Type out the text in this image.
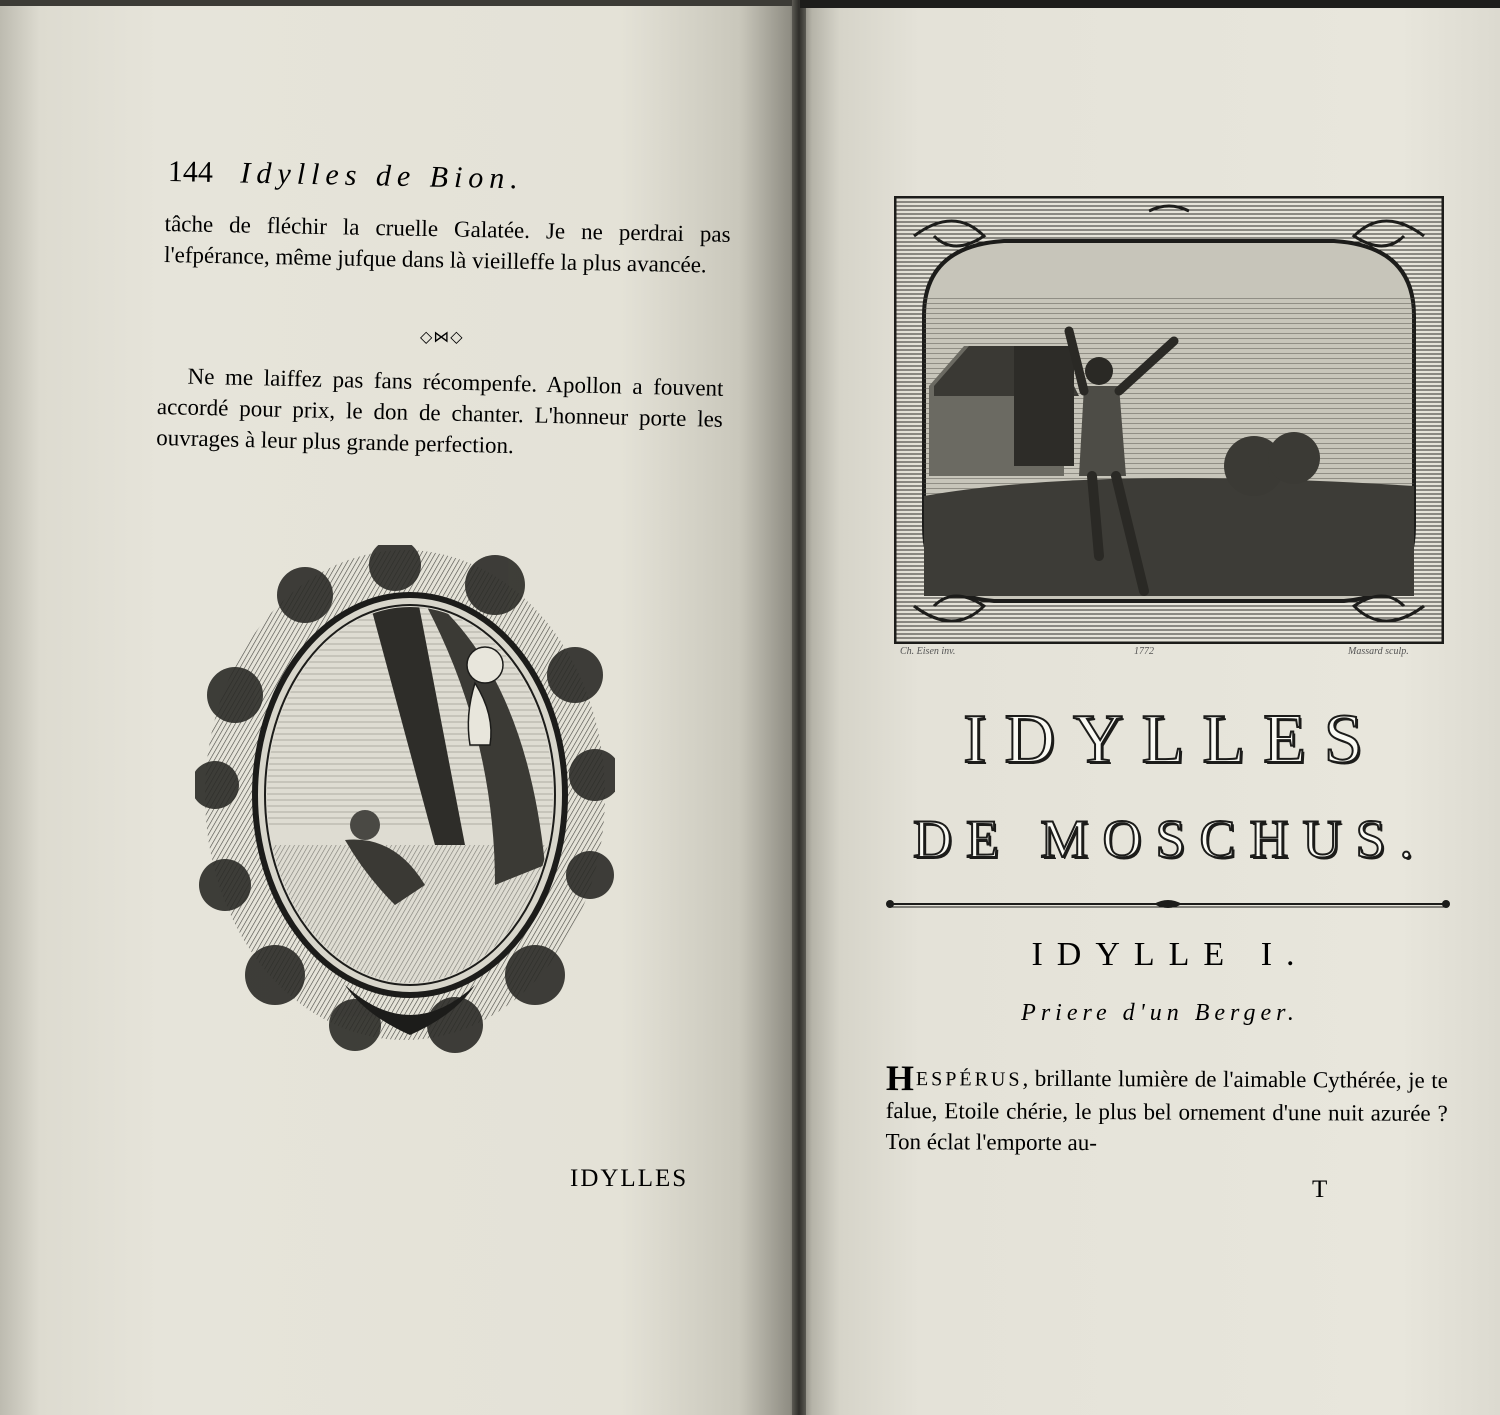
144 Idylles de Bion.
tâche de fléchir la cruelle Galatée. Je ne perdrai pas l'efpérance, même jufque dans là vieilleffe la plus avancée.
◇⋈◇
Ne me laiffez pas fans récompenfe. Apollon a fouvent accordé pour prix, le don de chanter. L'honneur porte les ouvrages à leur plus grande perfection.
IDYLLES
Ch. Eisen inv.	1772	Massard sculp.
IDYLLES
DE MOSCHUS.
IDYLLE I.
Priere d'un Berger.
HESPÉRUS, brillante lumière de l'aimable Cythérée, je te falue, Etoile chérie, le plus bel ornement d'une nuit azurée ? Ton éclat l'emporte au-
T
